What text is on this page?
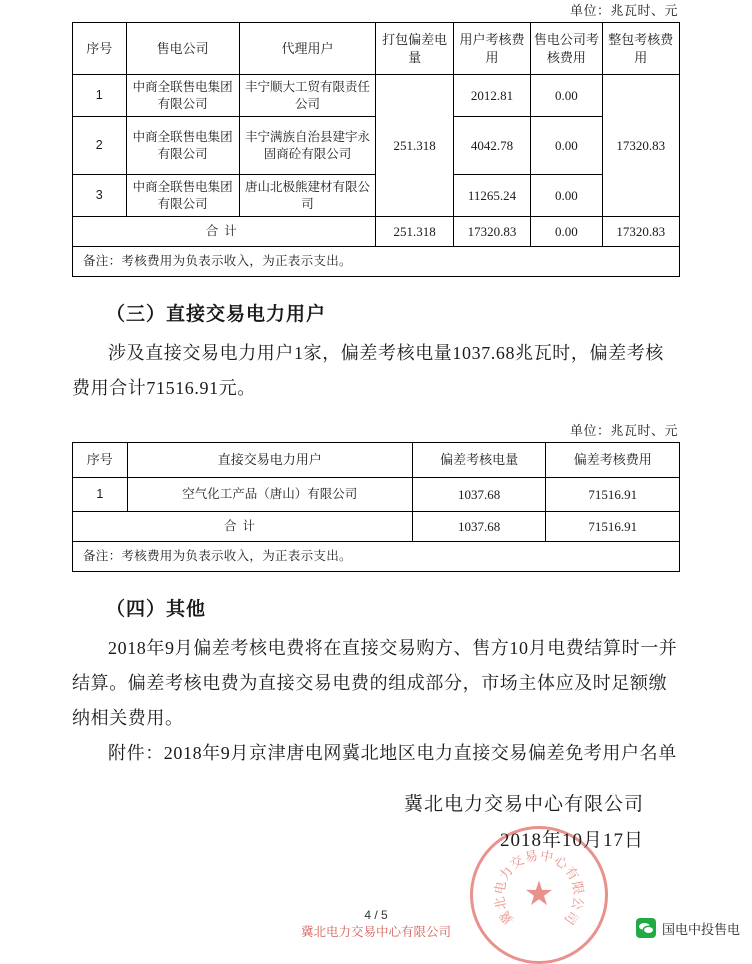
单位：兆瓦时、元
序号	售电公司	代理用户	打包偏差电量	用户考核费用	售电公司考核费用	整包考核费用
1	中商全联售电集团有限公司	丰宁顺大工贸有限责任公司	251.318	2012.81	0.00	17320.83
2	中商全联售电集团有限公司	丰宁满族自治县建宇永固商砼有限公司		4042.78	0.00	
3	中商全联售电集团有限公司	唐山北极熊建材有限公司		11265.24	0.00	
合计			251.318	17320.83	0.00	17320.83
备注：考核费用为负表示收入，为正表示支出。						
（三）直接交易电力用户

涉及直接交易电力用户1家，偏差考核电量1037.68兆瓦时，偏差考核费用合计71516.91元。

单位：兆瓦时、元
序号	直接交易电力用户	偏差考核电量	偏差考核费用
1	空气化工产品（唐山）有限公司	1037.68	71516.91
合计		1037.68	71516.91
备注：考核费用为负表示收入，为正表示支出。			
（四）其他

2018年9月偏差考核电费将在直接交易购方、售方10月电费结算时一并结算。偏差考核电费为直接交易电费的组成部分，市场主体应及时足额缴纳相关费用。

附件：2018年9月京津唐电网冀北地区电力直接交易偏差免考用户名单

冀北电力交易中心有限公司
2018年10月17日
★
冀
北
电
力
交
易 中
心
有
限
公
司
冀北电力交易中心有限公司
4 / 5
国电中投售电
